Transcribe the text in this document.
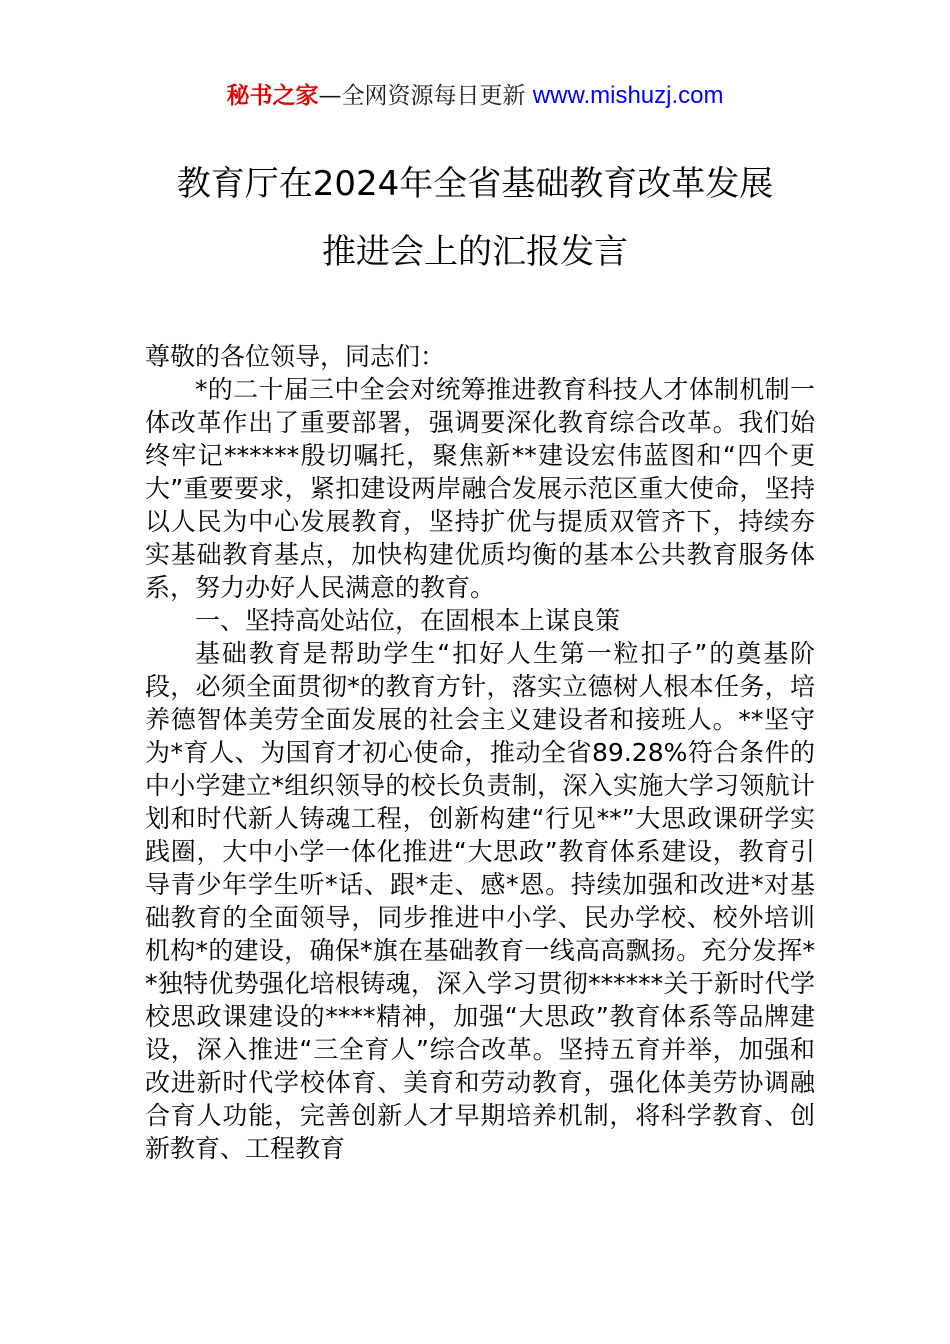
秘书之家—全网资源每日更新 www.mishuzj.com
教育厅在2024年全省基础教育改革发展
推进会上的汇报发言

尊敬的各位领导，同志们：

*的二十届三中全会对统筹推进教育科技人才体制机制一体改革作出了重要部署，强调要深化教育综合改革。我们始终牢记******殷切嘱托，聚焦新**建设宏伟蓝图和“四个更大”重要要求，紧扣建设两岸融合发展示范区重大使命，坚持以人民为中心发展教育，坚持扩优与提质双管齐下，持续夯实基础教育基点，加快构建优质均衡的基本公共教育服务体系，努力办好人民满意的教育。

一、坚持高处站位，在固根本上谋良策

基础教育是帮助学生“扣好人生第一粒扣子”的奠基阶段，必须全面贯彻*的教育方针，落实立德树人根本任务，培养德智体美劳全面发展的社会主义建设者和接班人。**坚守为*育人、为国育才初心使命，推动全省89.28%符合条件的中小学建立*组织领导的校长负责制，深入实施大学习领航计划和时代新人铸魂工程，创新构建“行见**”大思政课研学实践圈，大中小学一体化推进“大思政”教育体系建设，教育引导青少年学生听*话、跟*走、感*恩。持续加强和改进*对基础教育的全面领导，同步推进中小学、民办学校、校外培训机构*的建设，确保*旗在基础教育一线高高飘扬。充分发挥**独特优势强化培根铸魂，深入学习贯彻******关于新时代学校思政课建设的****精神，加强“大思政”教育体系等品牌建设，深入推进“三全育人”综合改革。坚持五育并举，加强和改进新时代学校体育、美育和劳动教育，强化体美劳协调融合育人功能，完善创新人才早期培养机制，将科学教育、创新教育、工程教育
